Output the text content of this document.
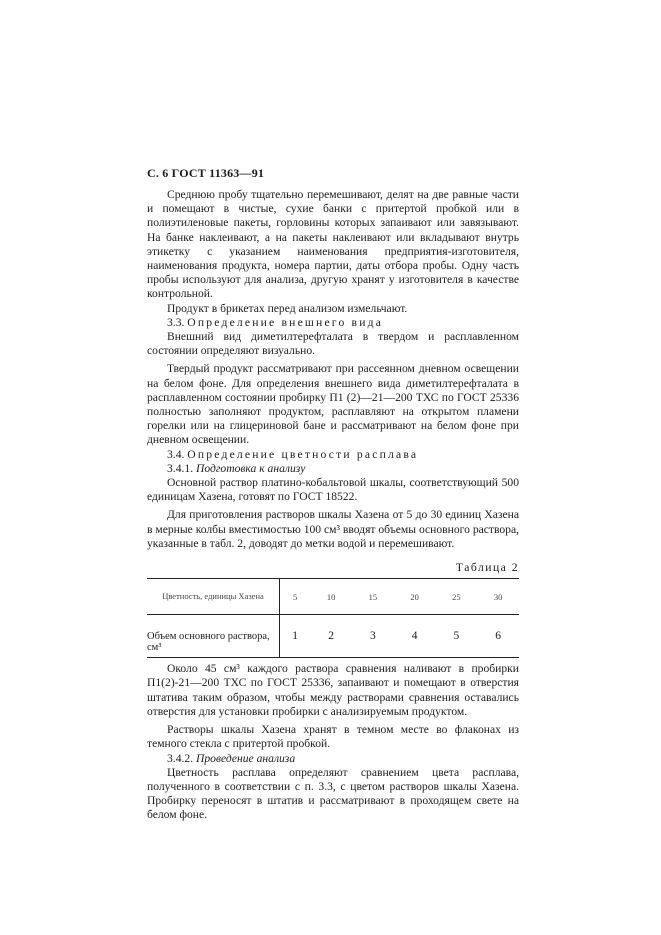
С. 6 ГОСТ 11363—91

Среднюю пробу тщательно перемешивают, делят на две равные части и помещают в чистые, сухие банки с притертой пробкой или в полиэтиленовые пакеты, горловины которых запаивают или завязывают. На банке наклеивают, а на пакеты наклеивают или вкладывают внутрь этикетку с указанием наименования предприятия-изготовителя, наименования продукта, номера партии, даты отбора пробы. Одну часть пробы используют для анализа, другую хранят у изготовителя в качестве контрольной.

Продукт в брикетах перед анализом измельчают.

3.3. Определение внешнего вида

Внешний вид диметилтерефталата в твердом и расплавленном состоянии определяют визуально.

Твердый продукт рассматривают при рассеянном дневном освещении на белом фоне. Для определения внешнего вида диметилтерефталата в расплавленном состоянии пробирку П1 (2)—21—200 ТХС по ГОСТ 25336 полностью заполняют продуктом, расплавляют на открытом пламени горелки или на глицериновой бане и рассматривают на белом фоне при дневном освещении.

3.4. Определение цветности расплава

3.4.1. Подготовка к анализу

Основной раствор платино-кобальтовой шкалы, соответствующий 500 единицам Хазена, готовят по ГОСТ 18522.

Для приготовления растворов шкалы Хазена от 5 до 30 единиц Хазена в мерные колбы вместимостью 100 см³ вводят объемы основного раствора, указанные в табл. 2, доводят до метки водой и перемешивают.

Таблица 2
Цветность, единицы Хазена	5	10	15	20	25	30
Объем основного раствора, см³	1	2	3	4	5	6

Около 45 см³ каждого раствора сравнения наливают в пробирки П1(2)-21—200 ТХС по ГОСТ 25336, запаивают и помещают в отверстия штатива таким образом, чтобы между растворами сравнения оставались отверстия для установки пробирки с анализируемым продуктом.

Растворы шкалы Хазена хранят в темном месте во флаконах из темного стекла с притертой пробкой.

3.4.2. Проведение анализа

Цветность расплава определяют сравнением цвета расплава, полученного в соответствии с п. 3.3, с цветом растворов шкалы Хазена. Пробирку переносят в штатив и рассматривают в проходящем свете на белом фоне.
